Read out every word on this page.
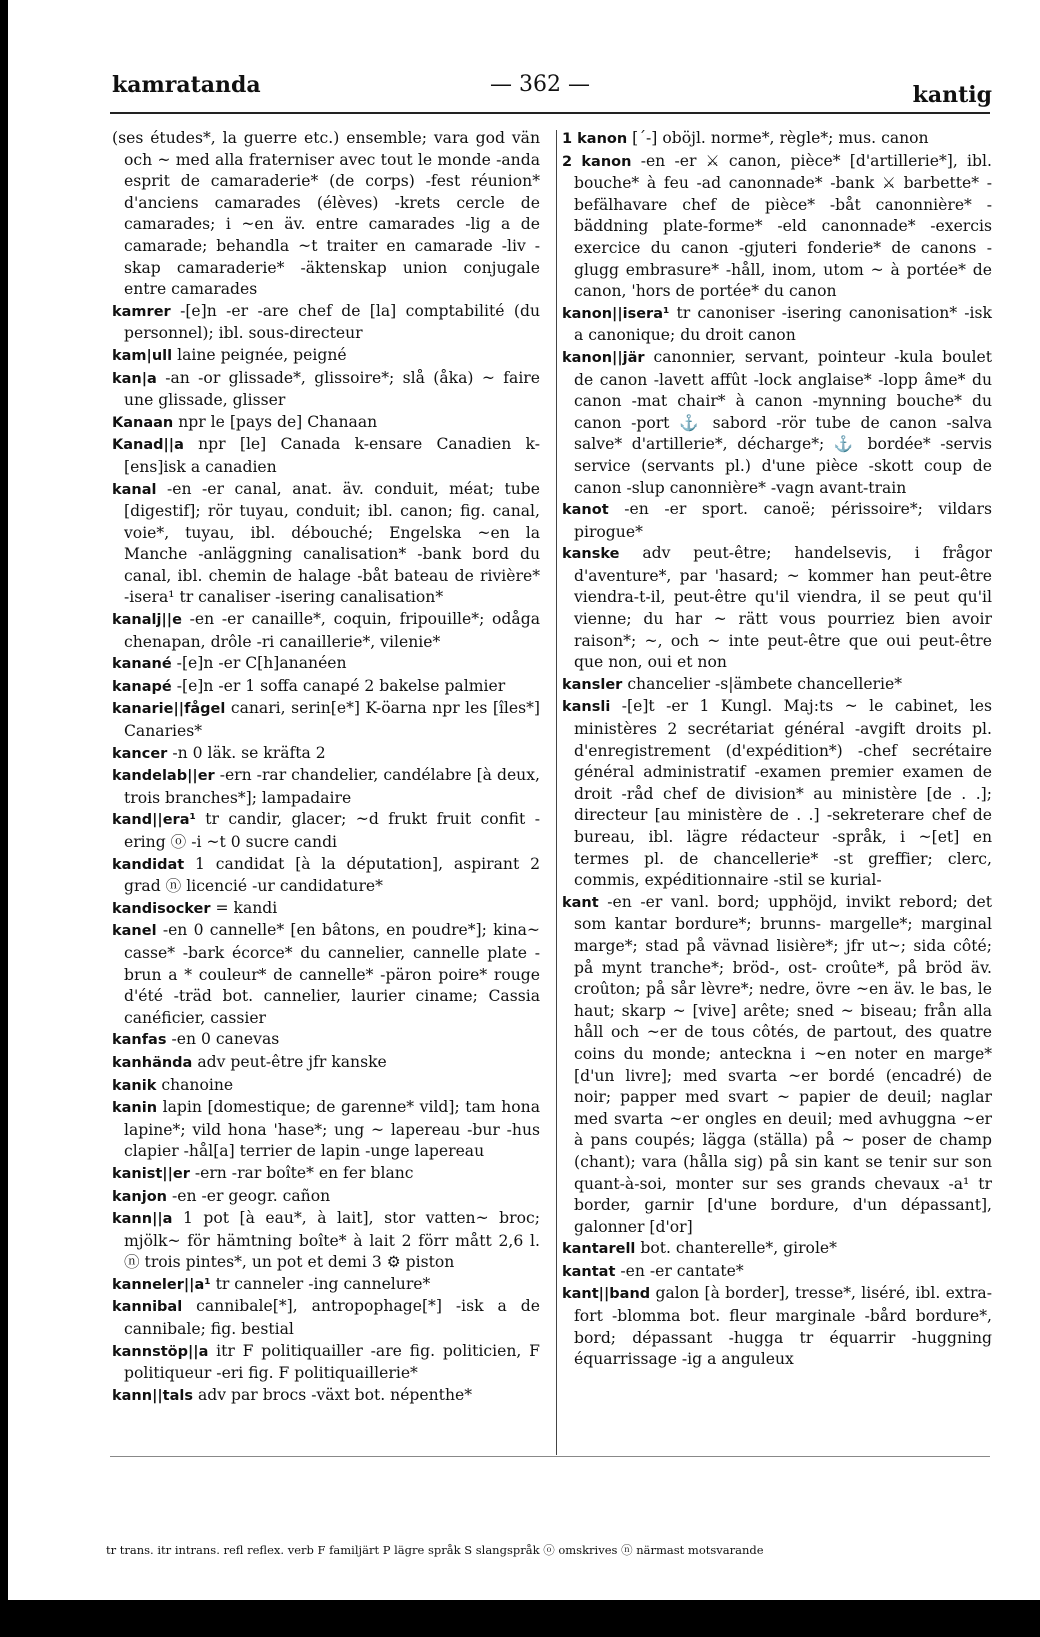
kamratanda	— 362 —	kantig

(ses études*, la guerre etc.) ensemble; vara god vän och ~ med alla fraterniser avec tout le monde -anda esprit de camaraderie* (de corps) -fest réunion* d'anciens camarades (élèves) -krets cercle de camarades; i ~en äv. entre camarades -lig a de camarade; behandla ~t traiter en camarade -liv -skap camaraderie* -äktenskap union conjugale entre camarades

kamrer -[e]n -er -are chef de [la] comptabilité (du personnel); ibl. sous-directeur

kam|ull laine peignée, peigné

kan|a -an -or glissade*, glissoire*; slå (åka) ~ faire une glissade, glisser

Kanaan npr le [pays de] Chanaan

Kanad||a npr [le] Canada k-ensare Canadien k-[ens]isk a canadien

kanal -en -er canal, anat. äv. conduit, méat; tube [digestif]; rör tuyau, conduit; ibl. canon; fig. canal, voie*, tuyau, ibl. débouché; Engelska ~en la Manche -anläggning canalisation* -bank bord du canal, ibl. chemin de halage -båt bateau de rivière* -isera¹ tr canaliser -isering canalisation*

kanalj||e -en -er canaille*, coquin, fripouille*; odåga chenapan, drôle -ri canaillerie*, vilenie*

kanané -[e]n -er C[h]ananéen

kanapé -[e]n -er 1 soffa canapé 2 bakelse palmier

kanarie||fågel canari, serin[e*] K-öarna npr les [îles*] Canaries*

kancer -n 0 läk. se kräfta 2

kandelab||er -ern -rar chandelier, candélabre [à deux, trois branches*]; lampadaire

kand||era¹ tr candir, glacer; ~d frukt fruit confit -ering ⓞ -i ~t 0 sucre candi

kandidat 1 candidat [à la députation], aspirant 2 grad ⓝ licencié -ur candidature*

kandisocker = kandi

kanel -en 0 cannelle* [en bâtons, en poudre*]; kina~ casse* -bark écorce* du cannelier, cannelle plate -brun a * couleur* de cannelle* -päron poire* rouge d'été -träd bot. cannelier, laurier ciname; Cassia canéficier, cassier

kanfas -en 0 canevas

kanhända adv peut-être jfr kanske

kanik chanoine

kanin lapin [domestique; de garenne* vild]; tam hona lapine*; vild hona 'hase*; ung ~ lapereau -bur -hus clapier -hål[a] terrier de lapin -unge lapereau

kanist||er -ern -rar boîte* en fer blanc

kanjon -en -er geogr. cañon

kann||a 1 pot [à eau*, à lait], stor vatten~ broc; mjölk~ för hämtning boîte* à lait 2 förr mått 2,6 l. ⓝ trois pintes*, un pot et demi 3 ⚙ piston

kanneler||a¹ tr canneler -ing cannelure*

kannibal cannibale[*], antropophage[*] -isk a de cannibale; fig. bestial

kannstöp||a itr F politiquailler -are fig. politicien, F politiqueur -eri fig. F politiquaillerie*

kann||tals adv par brocs -växt bot. népenthe*

1 kanon [ˊ-] oböjl. norme*, règle*; mus. canon

2 kanon -en -er ⚔ canon, pièce* [d'artillerie*], ibl. bouche* à feu -ad canonnade* -bank ⚔ barbette* -befälhavare chef de pièce* -båt canonnière* -bäddning plate-forme* -eld canonnade* -exercis exercice du canon -gjuteri fonderie* de canons -glugg embrasure* -håll, inom, utom ~ à portée* de canon, 'hors de portée* du canon

kanon||isera¹ tr canoniser -isering canonisation* -isk a canonique; du droit canon

kanon||jär canonnier, servant, pointeur -kula boulet de canon -lavett affût -lock anglaise* -lopp âme* du canon -mat chair* à canon -mynning bouche* du canon -port ⚓ sabord -rör tube de canon -salva salve* d'artillerie*, décharge*; ⚓ bordée* -servis service (servants pl.) d'une pièce -skott coup de canon -slup canonnière* -vagn avant-train

kanot -en -er sport. canoë; périssoire*; vildars pirogue*

kanske adv peut-être; handelsevis, i frågor d'aventure*, par 'hasard; ~ kommer han peut-être viendra-t-il, peut-être qu'il viendra, il se peut qu'il vienne; du har ~ rätt vous pourriez bien avoir raison*; ~, och ~ inte peut-être que oui peut-être que non, oui et non

kansler chancelier -s|ämbete chancellerie*

kansli -[e]t -er 1 Kungl. Maj:ts ~ le cabinet, les ministères 2 secrétariat général -avgift droits pl. d'enregistrement (d'expédition*) -chef secrétaire général administratif -examen premier examen de droit -råd chef de division* au ministère [de . .]; directeur [au ministère de . .] -sekreterare chef de bureau, ibl. lägre rédacteur -språk, i ~[et] en termes pl. de chancellerie* -st greffier; clerc, commis, expéditionnaire -stil se kurial-

kant -en -er vanl. bord; upphöjd, invikt rebord; det som kantar bordure*; brunns- margelle*; marginal marge*; stad på vävnad lisière*; jfr ut~; sida côté; på mynt tranche*; bröd-, ost- croûte*, på bröd äv. croûton; på sår lèvre*; nedre, övre ~en äv. le bas, le haut; skarp ~ [vive] arête; sned ~ biseau; från alla håll och ~er de tous côtés, de partout, des quatre coins du monde; anteckna i ~en noter en marge* [d'un livre]; med svarta ~er bordé (encadré) de noir; papper med svart ~ papier de deuil; naglar med svarta ~er ongles en deuil; med avhuggna ~er à pans coupés; lägga (ställa) på ~ poser de champ (chant); vara (hålla sig) på sin kant se tenir sur son quant-à-soi, monter sur ses grands chevaux -a¹ tr border, garnir [d'une bordure, d'un dépassant], galonner [d'or]

kantarell bot. chanterelle*, girole*

kantat -en -er cantate*

kant||band galon [à border], tresse*, liséré, ibl. extra-fort -blomma bot. fleur marginale -bård bordure*, bord; dépassant -hugga tr équarrir -huggning équarrissage -ig a anguleux

tr trans. itr intrans. refl reflex. verb F familjärt P lägre språk S slangspråk ⓞ omskrives ⓝ närmast motsvarande
